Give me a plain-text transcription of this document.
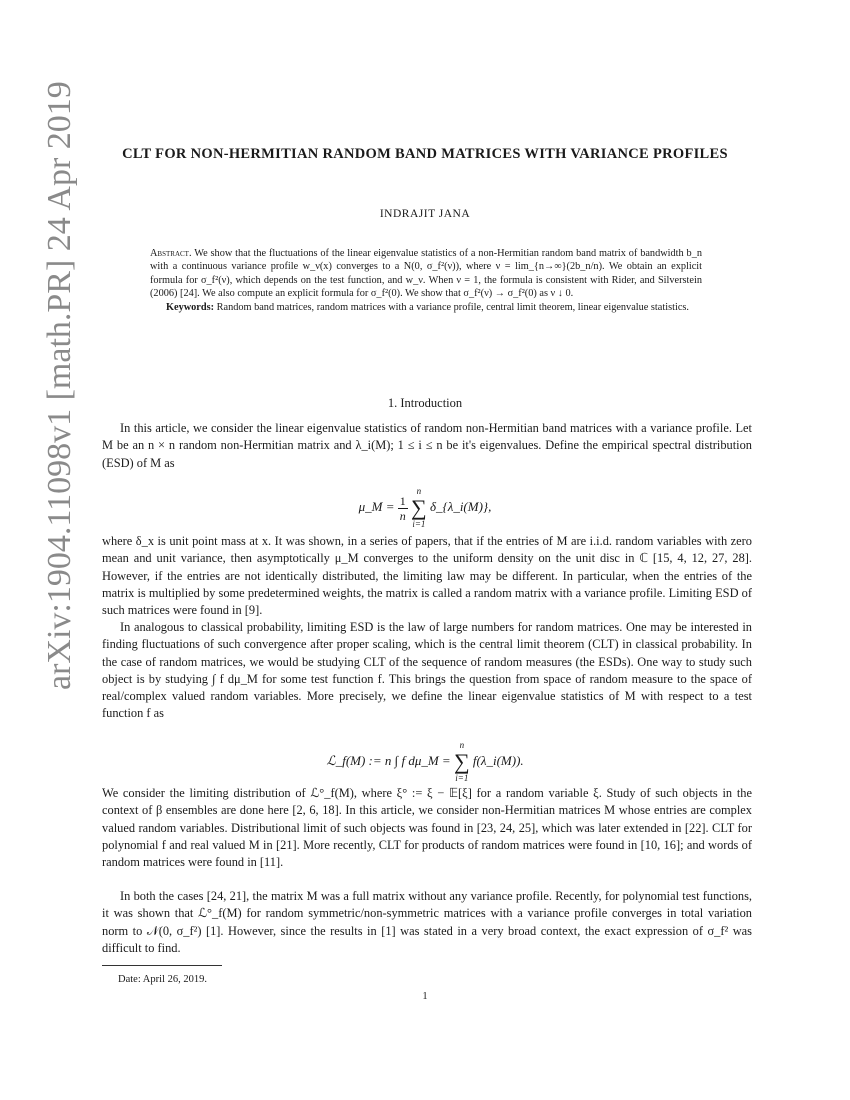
arXiv:1904.11098v1 [math.PR] 24 Apr 2019	CLT FOR NON-HERMITIAN RANDOM BAND MATRICES WITH VARIANCE PROFILES
INDRAJIT JANA

Abstract. We show that the fluctuations of the linear eigenvalue statistics of a non-Hermitian random band matrix of bandwidth b_n with a continuous variance profile w_ν(x) converges to a N(0, σ_f²(ν)), where ν = lim_{n→∞}(2b_n/n). We obtain an explicit formula for σ_f²(ν), which depends on the test function, and w_ν. When ν = 1, the formula is consistent with Rider, and Silverstein (2006) [24]. We also compute an explicit formula for σ_f²(0). We show that σ_f²(ν) → σ_f²(0) as ν ↓ 0.

Keywords: Random band matrices, random matrices with a variance profile, central limit theorem, linear eigenvalue statistics.

1. Introduction

In this article, we consider the linear eigenvalue statistics of random non-Hermitian band matrices with a variance profile. Let M be an n × n random non-Hermitian matrix and λ_i(M); 1 ≤ i ≤ n be it's eigenvalues. Define the empirical spectral distribution (ESD) of M as

μ_M = $\frac{1}{n}$

n
∑
i=1
δ_{λ_i(M)},

where δ_x is unit point mass at x. It was shown, in a series of papers, that if the entries of M are i.i.d. random variables with zero mean and unit variance, then asymptotically μ_M converges to the uniform density on the unit disc in ℂ [15, 4, 12, 27, 28]. However, if the entries are not identically distributed, the limiting law may be different. In particular, when the entries of the matrix is multiplied by some predetermined weights, the matrix is called a random matrix with a variance profile. Limiting ESD of such matrices were found in [9].

In analogous to classical probability, limiting ESD is the law of large numbers for random matrices. One may be interested in finding fluctuations of such convergence after proper scaling, which is the central limit theorem (CLT) in classical probability. In the case of random matrices, we would be studying CLT of the sequence of random measures (the ESDs). One way to study such object is by studying ∫ f dμ_M for some test function f. This brings the question from space of random measure to the space of real/complex valued random variables. More precisely, we define the linear eigenvalue statistics of M with respect to a test function f as

ℒ_f(M) := n ∫ f dμ_M =
n
∑
i=1
f(λ_i(M)).

We consider the limiting distribution of ℒ°_f(M), where ξ° := ξ − 𝔼[ξ] for a random variable ξ. Study of such objects in the context of β ensembles are done here [2, 6, 18]. In this article, we consider non-Hermitian matrices M whose entries are complex valued random variables. Distributional limit of such objects was found in [23, 24, 25], which was later extended in [22]. CLT for polynomial f and real valued M in [21]. More recently, CLT for products of random matrices were found in [10, 16]; and words of random matrices were found in [11].

In both the cases [24, 21], the matrix M was a full matrix without any variance profile. Recently, for polynomial test functions, it was shown that ℒ°_f(M) for random symmetric/non-symmetric matrices with a variance profile converges in total variation norm to 𝒩(0, σ_f²) [1]. However, since the results in [1] was stated in a very broad context, the exact expression of σ_f² was difficult to find.

Date: April 26, 2019.
1
